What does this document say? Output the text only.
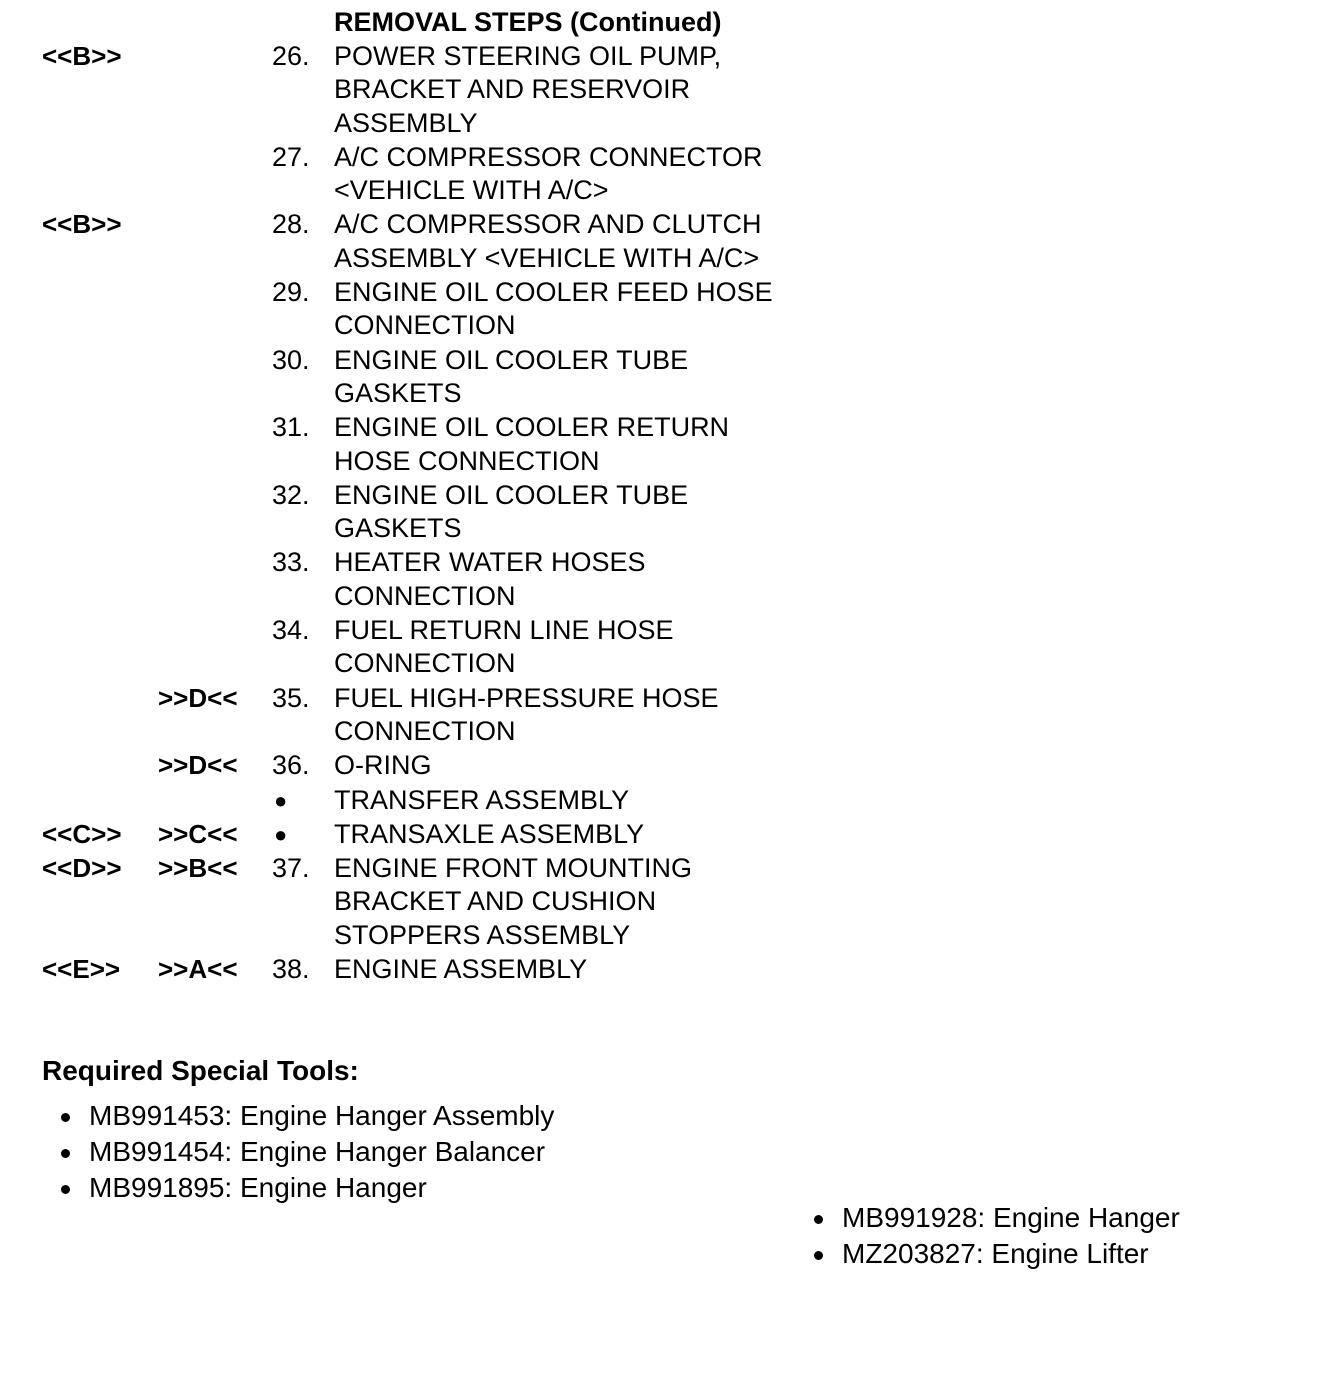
REMOVAL STEPS (Continued)
<<B>>	26. POWER STEERING OIL PUMP, BRACKET AND RESERVOIR ASSEMBLY
27. A/C COMPRESSOR CONNECTOR <VEHICLE WITH A/C>
<<B>>	28. A/C COMPRESSOR AND CLUTCH ASSEMBLY <VEHICLE WITH A/C>
29. ENGINE OIL COOLER FEED HOSE CONNECTION
30. ENGINE OIL COOLER TUBE GASKETS
31. ENGINE OIL COOLER RETURN HOSE CONNECTION
32. ENGINE OIL COOLER TUBE GASKETS
33. HEATER WATER HOSES CONNECTION
34. FUEL RETURN LINE HOSE CONNECTION
>>D<< 35. FUEL HIGH-PRESSURE HOSE CONNECTION
>>D<< 36. O-RING
● TRANSFER ASSEMBLY
<<C>> >>C<< ● TRANSAXLE ASSEMBLY
<<D>> >>B<< 37. ENGINE FRONT MOUNTING BRACKET AND CUSHION STOPPERS ASSEMBLY
<<E>> >>A<< 38. ENGINE ASSEMBLY
Required Special Tools:
MB991453: Engine Hanger Assembly
MB991454: Engine Hanger Balancer
MB991895: Engine Hanger
MB991928: Engine Hanger
MZ203827: Engine Lifter
